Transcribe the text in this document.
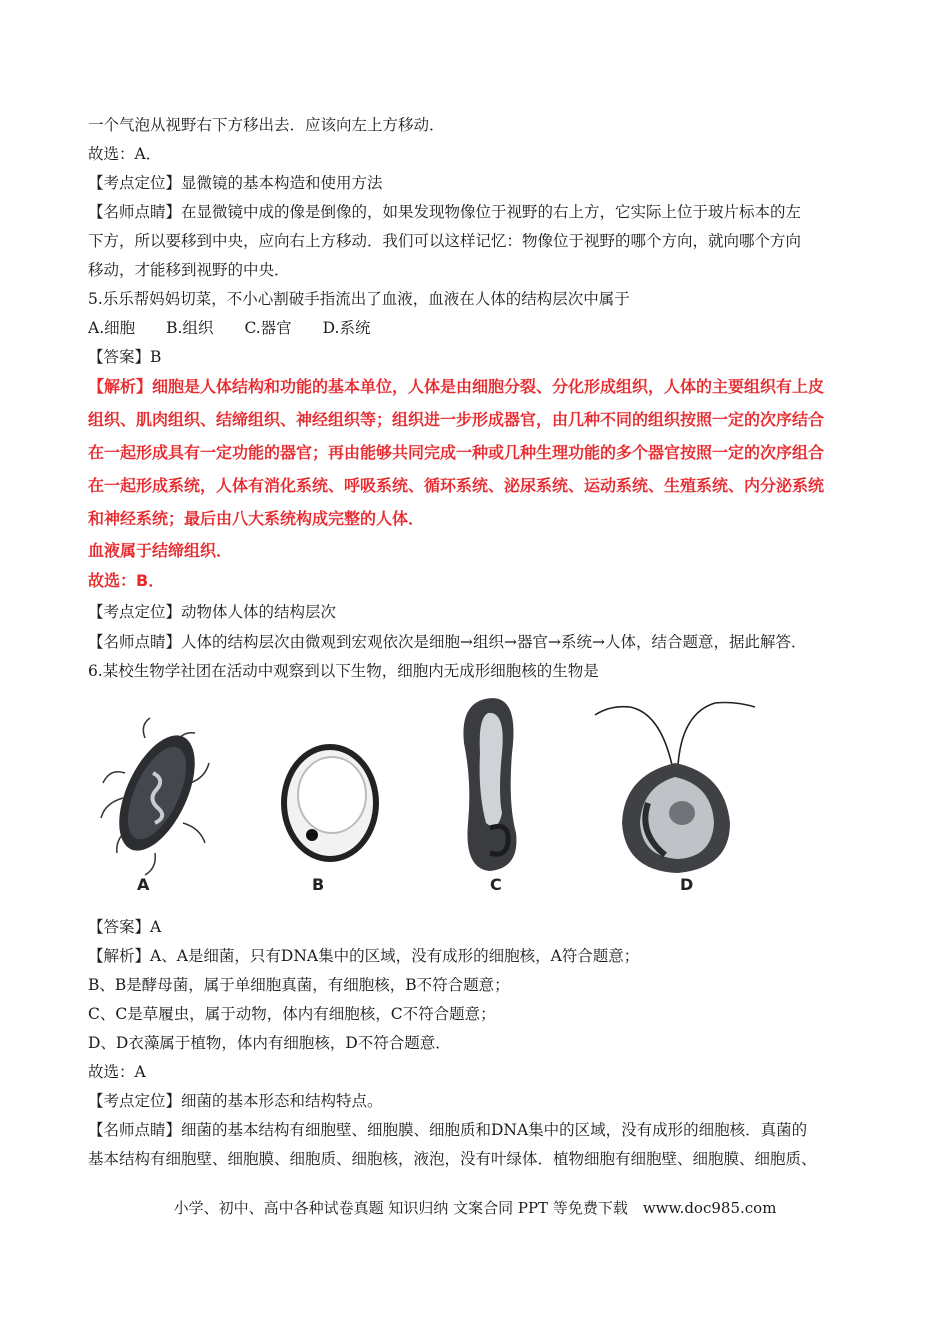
一个气泡从视野右下方移出去．应该向左上方移动．
故选：A．
【考点定位】显微镜的基本构造和使用方法
【名师点睛】在显微镜中成的像是倒像的，如果发现物像位于视野的右上方，它实际上位于玻片标本的左
下方，所以要移到中央，应向右上方移动．我们可以这样记忆：物像位于视野的哪个方向，就向哪个方向
移动，才能移到视野的中央．
5.乐乐帮妈妈切菜，不小心割破手指流出了血液，血液在人体的结构层次中属于
A.细胞　　B.组织　　C.器官　　D.系统
【答案】B
【解析】细胞是人体结构和功能的基本单位，人体是由细胞分裂、分化形成组织，人体的主要组织有上皮
组织、肌肉组织、结缔组织、神经组织等；组织进一步形成器官，由几种不同的组织按照一定的次序结合
在一起形成具有一定功能的器官；再由能够共同完成一种或几种生理功能的多个器官按照一定的次序组合
在一起形成系统，人体有消化系统、呼吸系统、循环系统、泌尿系统、运动系统、生殖系统、内分泌系统
和神经系统；最后由八大系统构成完整的人体．
血液属于结缔组织．
故选：B．
【考点定位】动物体人体的结构层次
【名师点睛】人体的结构层次由微观到宏观依次是细胞→组织→器官→系统→人体，结合题意，据此解答．
6.某校生物学社团在活动中观察到以下生物，细胞内无成形细胞核的生物是
A	B	C	D
【答案】A
【解析】A、A是细菌，只有DNA集中的区域，没有成形的细胞核，A符合题意；
B、B是酵母菌，属于单细胞真菌，有细胞核，B不符合题意；
C、C是草履虫，属于动物，体内有细胞核，C不符合题意；
D、D衣藻属于植物，体内有细胞核，D不符合题意．
故选：A
【考点定位】细菌的基本形态和结构特点。
【名师点睛】细菌的基本结构有细胞壁、细胞膜、细胞质和DNA集中的区域，没有成形的细胞核．真菌的
基本结构有细胞壁、细胞膜、细胞质、细胞核，液泡，没有叶绿体．植物细胞有细胞壁、细胞膜、细胞质、
小学、初中、高中各种试卷真题 知识归纳 文案合同 PPT 等免费下载　www.doc985.com
